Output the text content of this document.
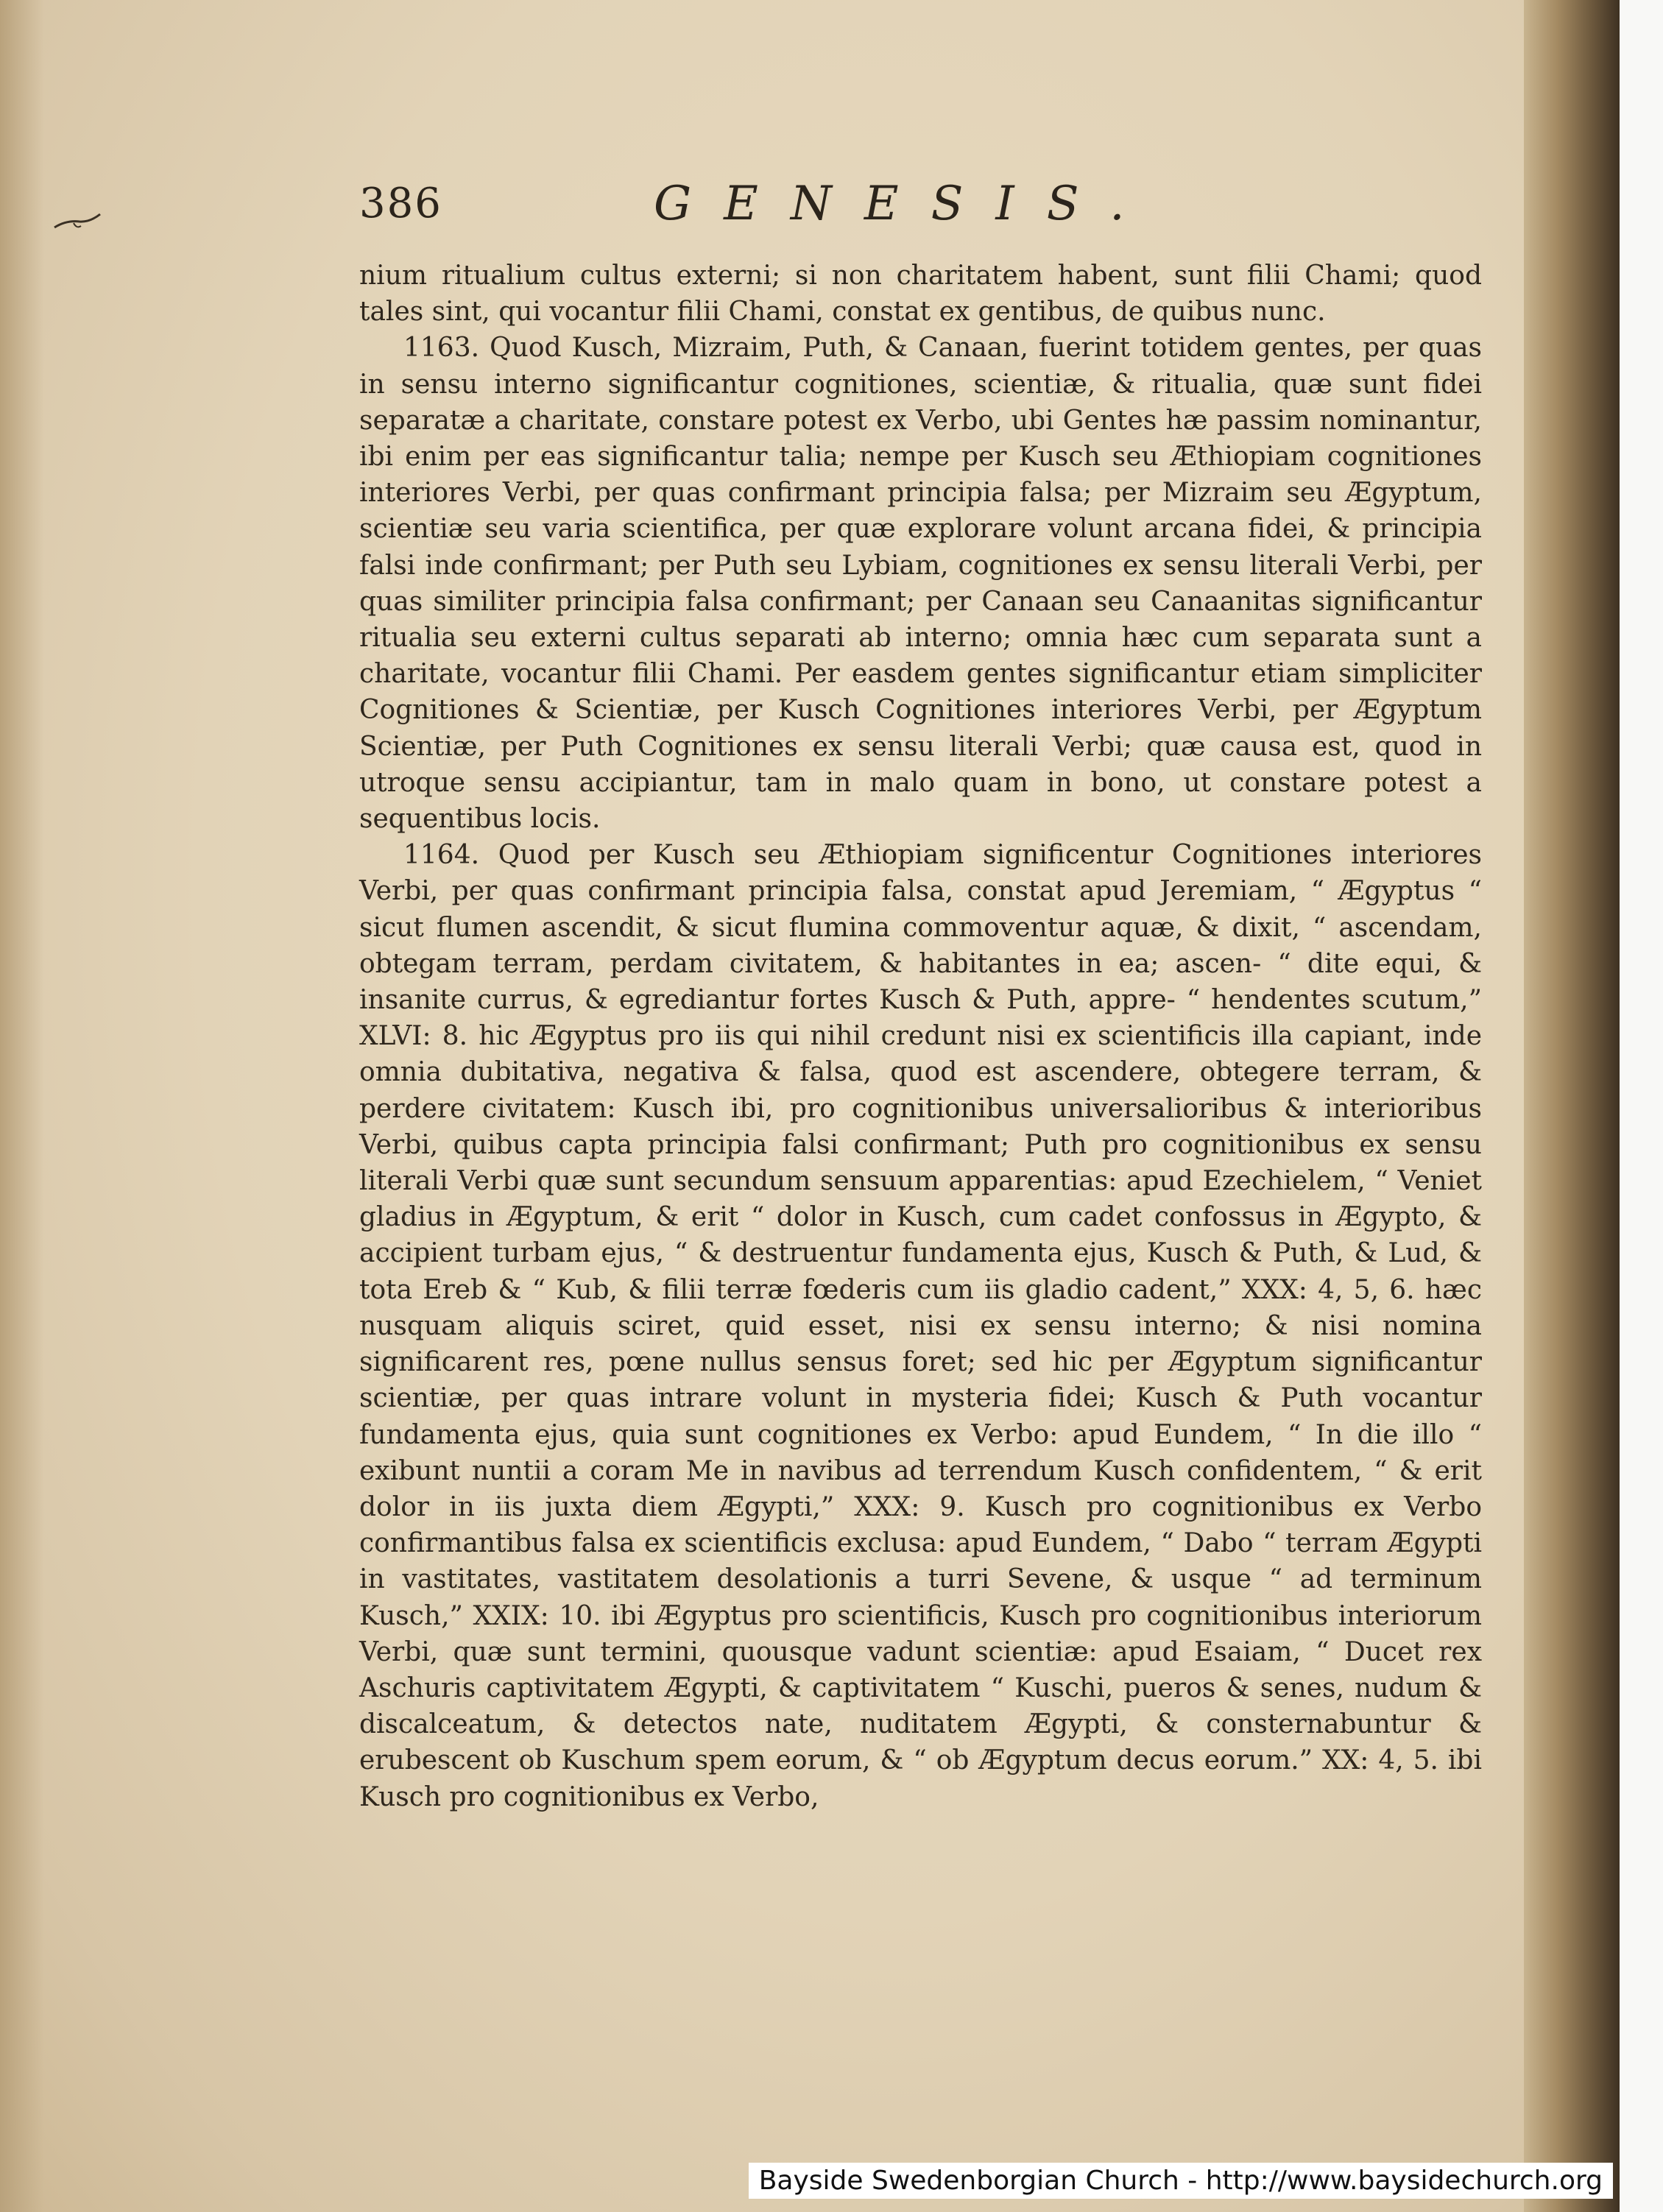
386	GENESIS.

nium ritualium cultus externi; si non charitatem habent, sunt filii Chami; quod tales sint, qui vocantur filii Chami, constat ex gentibus, de quibus nunc.

1163. Quod Kusch, Mizraim, Puth, & Canaan, fuerint totidem gentes, per quas in sensu interno significantur cognitiones, scientiæ, & ritualia, quæ sunt fidei separatæ a charitate, constare potest ex Verbo, ubi Gentes hæ passim nominantur, ibi enim per eas significantur talia; nempe per Kusch seu Æthiopiam cognitiones interiores Verbi, per quas confirmant principia falsa; per Mizraim seu Ægyptum, scientiæ seu varia scientifica, per quæ explorare volunt arcana fidei, & principia falsi inde confirmant; per Puth seu Lybiam, cognitiones ex sensu literali Verbi, per quas similiter principia falsa confirmant; per Canaan seu Canaanitas significantur ritualia seu externi cultus separati ab interno; omnia hæc cum separata sunt a charitate, vocantur filii Chami. Per easdem gentes significantur etiam simpliciter Cognitiones & Scientiæ, per Kusch Cognitiones interiores Verbi, per Ægyptum Scientiæ, per Puth Cognitiones ex sensu literali Verbi; quæ causa est, quod in utroque sensu accipiantur, tam in malo quam in bono, ut constare potest a sequentibus locis.

1164. Quod per Kusch seu Æthiopiam significentur Cognitiones interiores Verbi, per quas confirmant principia falsa, constat apud Jeremiam, “ Ægyptus “ sicut flumen ascendit, & sicut flumina commoventur aquæ, & dixit, “ ascendam, obtegam terram, perdam civitatem, & habitantes in ea; ascen- “ dite equi, & insanite currus, & egrediantur fortes Kusch & Puth, appre- “ hendentes scutum,” XLVI: 8. hic Ægyptus pro iis qui nihil credunt nisi ex scientificis illa capiant, inde omnia dubitativa, negativa & falsa, quod est ascendere, obtegere terram, & perdere civitatem: Kusch ibi, pro cognitionibus universalioribus & interioribus Verbi, quibus capta principia falsi confirmant; Puth pro cognitionibus ex sensu literali Verbi quæ sunt secundum sensuum apparentias: apud Ezechielem, “ Veniet gladius in Ægyptum, & erit “ dolor in Kusch, cum cadet confossus in Ægypto, & accipient turbam ejus, “ & destruentur fundamenta ejus, Kusch & Puth, & Lud, & tota Ereb & “ Kub, & filii terræ fœderis cum iis gladio cadent,” XXX: 4, 5, 6. hæc nusquam aliquis sciret, quid esset, nisi ex sensu interno; & nisi nomina significarent res, pœne nullus sensus foret; sed hic per Ægyptum significantur scientiæ, per quas intrare volunt in mysteria fidei; Kusch & Puth vocantur fundamenta ejus, quia sunt cognitiones ex Verbo: apud Eundem, “ In die illo “ exibunt nuntii a coram Me in navibus ad terrendum Kusch confidentem, “ & erit dolor in iis juxta diem Ægypti,” XXX: 9. Kusch pro cognitionibus ex Verbo confirmantibus falsa ex scientificis exclusa: apud Eundem, “ Dabo “ terram Ægypti in vastitates, vastitatem desolationis a turri Sevene, & usque “ ad terminum Kusch,” XXIX: 10. ibi Ægyptus pro scientificis, Kusch pro cognitionibus interiorum Verbi, quæ sunt termini, quousque vadunt scientiæ: apud Esaiam, “ Ducet rex Aschuris captivitatem Ægypti, & captivitatem “ Kuschi, pueros & senes, nudum & discalceatum, & detectos nate, nuditatem Ægypti, & consternabuntur & erubescent ob Kuschum spem eorum, & “ ob Ægyptum decus eorum.” XX: 4, 5. ibi Kusch pro cognitionibus ex Verbo,

Bayside Swedenborgian Church - http://www.baysidechurch.org
